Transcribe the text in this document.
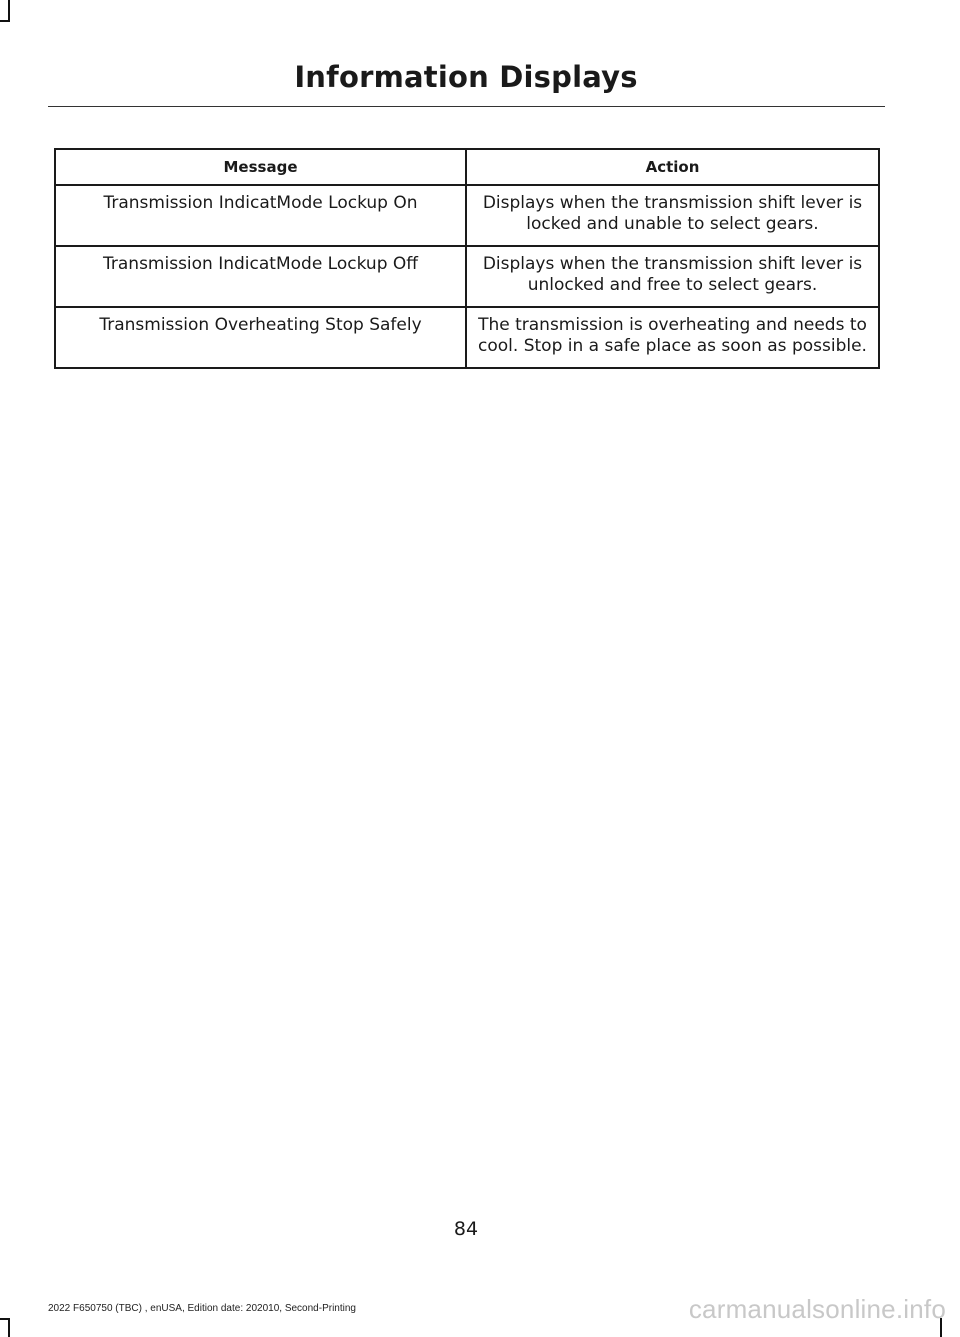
Information Displays
Message	Action
Transmission IndicatMode Lockup On	Displays when the transmission shift lever is locked and unable to select gears.
Transmission IndicatMode Lockup Off	Displays when the transmission shift lever is unlocked and free to select gears.
Transmission Overheating Stop Safely	The transmission is overheating and needs to cool. Stop in a safe place as soon as possible.
84
2022 F650750 (TBC) , enUSA, Edition date: 202010, Second-Printing	carmanualsonline.info
